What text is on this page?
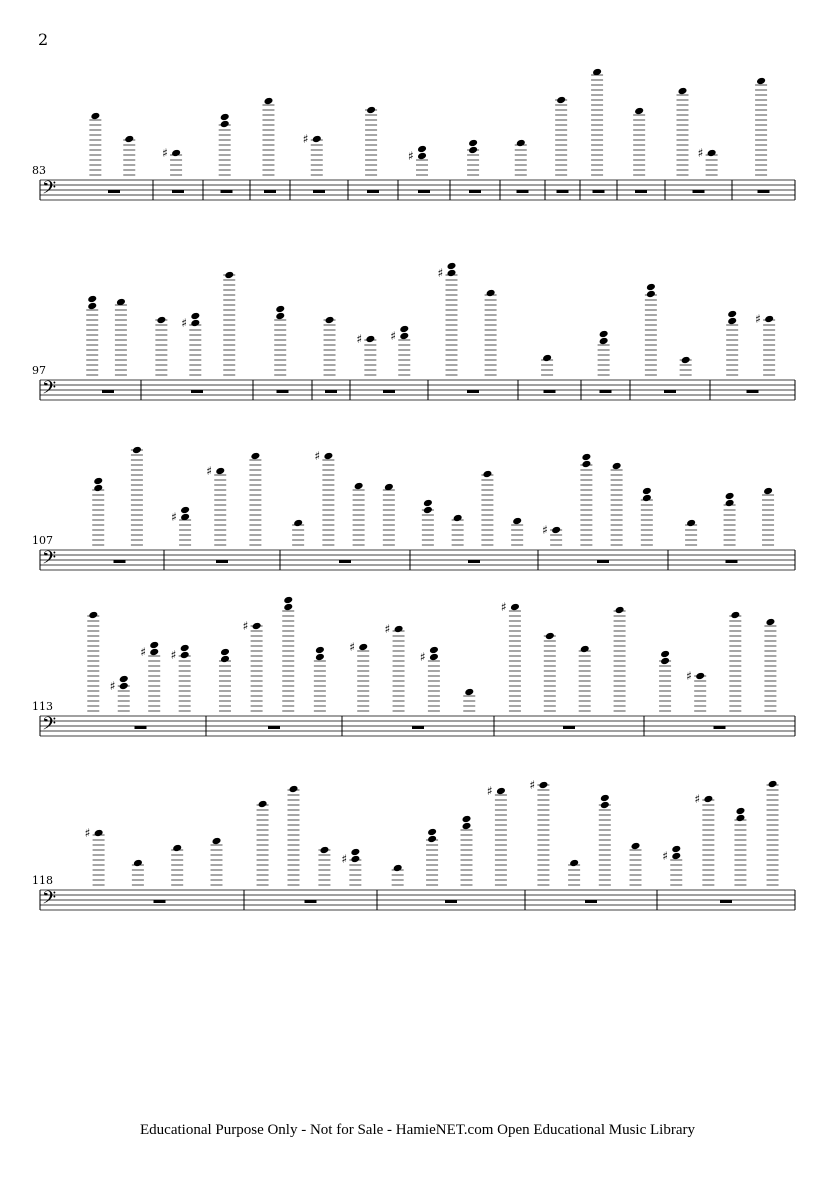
2
83
𝄢
♯
♯
♯	♯
97
𝄢
♯
♯ ♯
♯
♯
107
𝄢
♯
♯
♯
♯
113
𝄢
♯
♯ ♯
♯
♯
♯
♯
♯
♯
118
𝄢
♯
♯
♯	♯
♯
♯
Educational Purpose Only - Not for Sale - HamieNET.com Open Educational Music Library
